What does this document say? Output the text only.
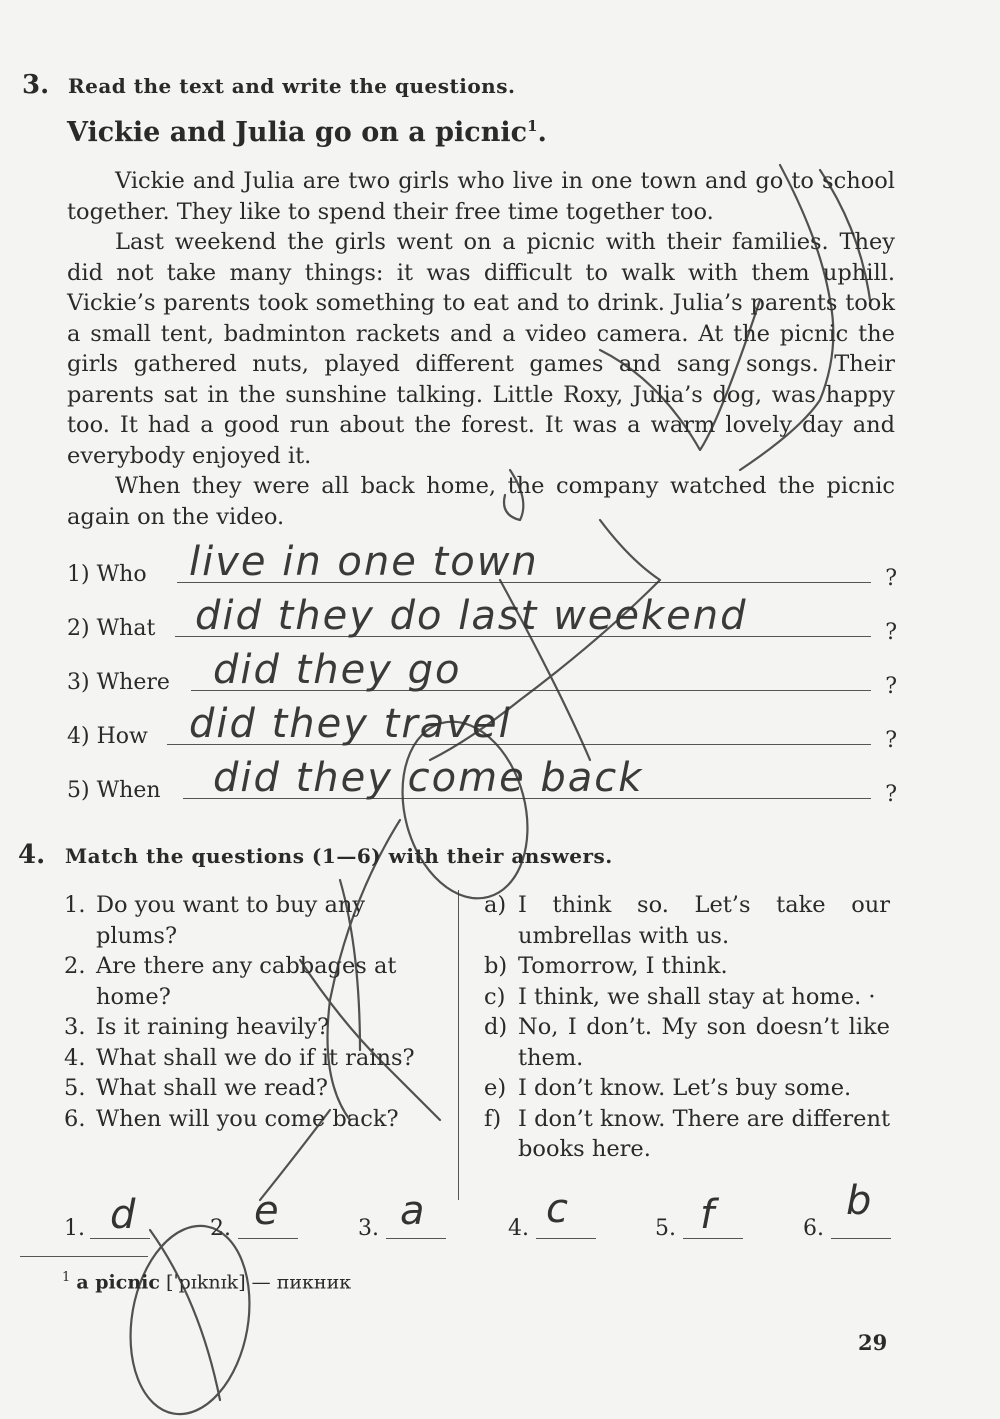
3. Read the text and write the questions.
Vickie and Julia go on a picnic$^1$.

Vickie and Julia are two girls who live in one town and go to school together. They like to spend their free time together too.

Last weekend the girls went on a picnic with their families. They did not take many things: it was difficult to walk with them uphill. Vickie’s parents took something to eat and to drink. Julia’s parents took a small tent, badminton rackets and a video camera. At the picnic the girls gathered nuts, played different games and sang songs. Their parents sat in the sunshine talking. Little Roxy, Julia’s dog, was happy too. It had a good run about the forest. It was a warm lovely day and everybody enjoyed it.

When they were all back home, the company watched the picnic again on the video.

1) Who live in one town	?
2) What did they do last weekend	?
3) Where did they go	?
4) How did they travel	?
5) When did they come back	?
4. Match the questions (1—6) with their answers.
1. Do you want to buy any plums?
2. Are there any cabbages at home?
3. Is it raining heavily?
4. What shall we do if it rains?
5. What shall we read?
6. When will you come back?
a) I think so. Let’s take our umbrellas with us.
b) Tomorrow, I think.
c) I think, we shall stay at home. ·
d) No, I don’t. My son doesn’t like them.
e) I don’t know. Let’s buy some.
f) I don’t know. There are different books here.
1. d	2. e	3. a	4. c	5. f	6.
b
$^1$ a picnic [ˈpɪknɪk] — пикник
29
